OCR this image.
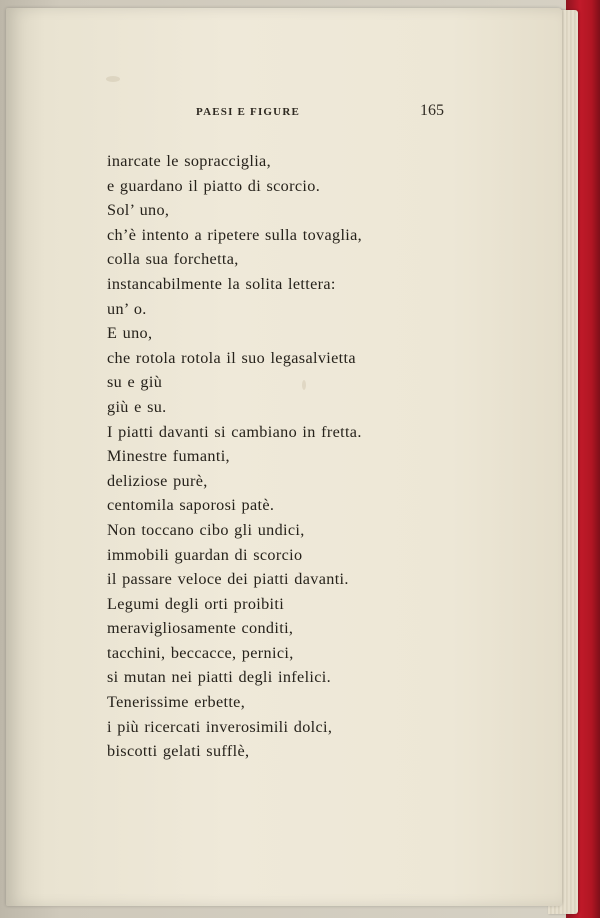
PAESI E FIGURE	165
inarcate le sopracciglia,
e guardano il piatto di scorcio.
Sol’ uno,
ch’è intento a ripetere sulla tovaglia,
colla sua forchetta,
instancabilmente la solita lettera:
un’ o.
E uno,
che rotola rotola il suo legasalvietta
su e giù
giù e su.
I piatti davanti si cambiano in fretta.
Minestre fumanti,
deliziose purè,
centomila saporosi patè.
Non toccano cibo gli undici,
immobili guardan di scorcio
il passare veloce dei piatti davanti.
Legumi degli orti proibiti
meravigliosamente conditi,
tacchini, beccacce, pernici,
si mutan nei piatti degli infelici.
Tenerissime erbette,
i più ricercati inverosimili dolci,
biscotti gelati sufflè,
